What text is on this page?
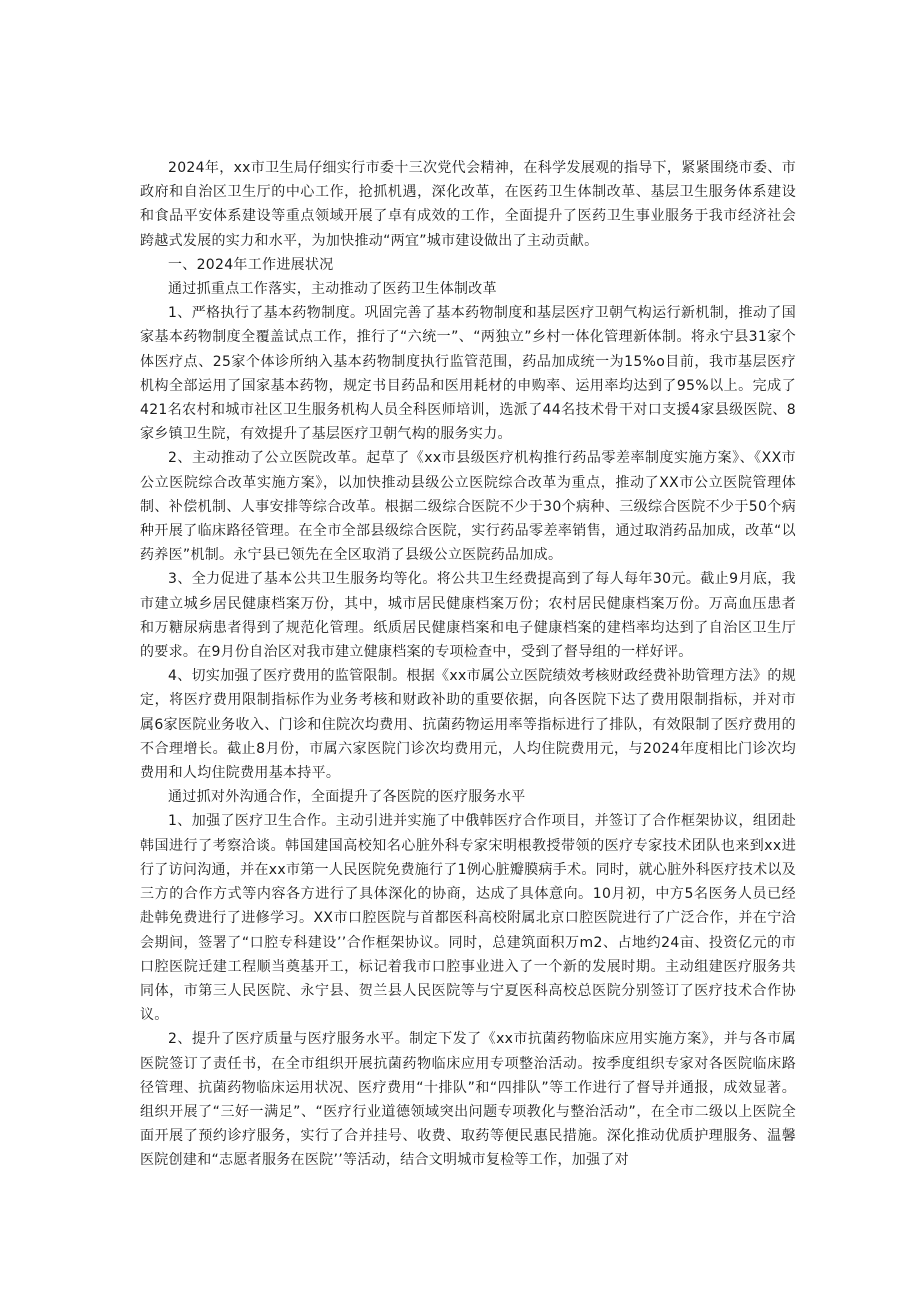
2024年，xx市卫生局仔细实行市委十三次党代会精神，在科学发展观的指导下，紧紧围绕市委、市政府和自治区卫生厅的中心工作，抢抓机遇，深化改革，在医药卫生体制改革、基层卫生服务体系建设和食品平安体系建设等重点领域开展了卓有成效的工作，全面提升了医药卫生事业服务于我市经济社会跨越式发展的实力和水平，为加快推动“两宜”城市建设做出了主动贡献。

一、2024年工作进展状况

通过抓重点工作落实，主动推动了医药卫生体制改革

1、严格执行了基本药物制度。巩固完善了基本药物制度和基层医疗卫朝气构运行新机制，推动了国家基本药物制度全覆盖试点工作，推行了“六统一”、“两独立”乡村一体化管理新体制。将永宁县31家个体医疗点、25家个体诊所纳入基本药物制度执行监管范围，药品加成统一为15%o目前，我市基层医疗机构全部运用了国家基本药物，规定书目药品和医用耗材的申购率、运用率均达到了95%以上。完成了421名农村和城市社区卫生服务机构人员全科医师培训，选派了44名技术骨干对口支援4家县级医院、8家乡镇卫生院，有效提升了基层医疗卫朝气构的服务实力。

2、主动推动了公立医院改革。起草了《xx市县级医疗机构推行药品零差率制度实施方案》、《XX市公立医院综合改革实施方案》，以加快推动县级公立医院综合改革为重点，推动了XX市公立医院管理体制、补偿机制、人事安排等综合改革。根据二级综合医院不少于30个病种、三级综合医院不少于50个病种开展了临床路径管理。在全市全部县级综合医院，实行药品零差率销售，通过取消药品加成，改革“以药养医”机制。永宁县已领先在全区取消了县级公立医院药品加成。

3、全力促进了基本公共卫生服务均等化。将公共卫生经费提高到了每人每年30元。截止9月底，我市建立城乡居民健康档案万份，其中，城市居民健康档案万份；农村居民健康档案万份。万高血压患者和万糖尿病患者得到了规范化管理。纸质居民健康档案和电子健康档案的建档率均达到了自治区卫生厅的要求。在9月份自治区对我市建立健康档案的专项检查中，受到了督导组的一样好评。

4、切实加强了医疗费用的监管限制。根据《xx市属公立医院绩效考核财政经费补助管理方法》的规定，将医疗费用限制指标作为业务考核和财政补助的重要依据，向各医院下达了费用限制指标，并对市属6家医院业务收入、门诊和住院次均费用、抗菌药物运用率等指标进行了排队，有效限制了医疗费用的不合理增长。截止8月份，市属六家医院门诊次均费用元，人均住院费用元，与2024年度相比门诊次均费用和人均住院费用基本持平。

通过抓对外沟通合作，全面提升了各医院的医疗服务水平

1、加强了医疗卫生合作。主动引进并实施了中俄韩医疗合作项目，并签订了合作框架协议，组团赴韩国进行了考察洽谈。韩国建国高校知名心脏外科专家宋明根教授带领的医疗专家技术团队也来到xx进行了访问沟通，并在xx市第一人民医院免费施行了1例心脏瓣膜病手术。同时，就心脏外科医疗技术以及三方的合作方式等内容各方进行了具体深化的协商，达成了具体意向。10月初，中方5名医务人员已经赴韩免费进行了进修学习。XX市口腔医院与首都医科高校附属北京口腔医院进行了广泛合作，并在宁洽会期间，签署了“口腔专科建设’’合作框架协议。同时，总建筑面积万m2、占地约24亩、投资亿元的市口腔医院迁建工程顺当奠基开工，标记着我市口腔事业进入了一个新的发展时期。主动组建医疗服务共同体，市第三人民医院、永宁县、贺兰县人民医院等与宁夏医科高校总医院分别签订了医疗技术合作协议。

2、提升了医疗质量与医疗服务水平。制定下发了《xx市抗菌药物临床应用实施方案》，并与各市属医院签订了责任书，在全市组织开展抗菌药物临床应用专项整治活动。按季度组织专家对各医院临床路径管理、抗菌药物临床运用状况、医疗费用“十排队”和“四排队”等工作进行了督导并通报，成效显著。组织开展了“三好一满足”、“医疗行业道德领域突出问题专项教化与整治活动”，在全市二级以上医院全面开展了预约诊疗服务，实行了合并挂号、收费、取药等便民惠民措施。深化推动优质护理服务、温馨医院创建和“志愿者服务在医院’’等活动，结合文明城市复检等工作，加强了对
